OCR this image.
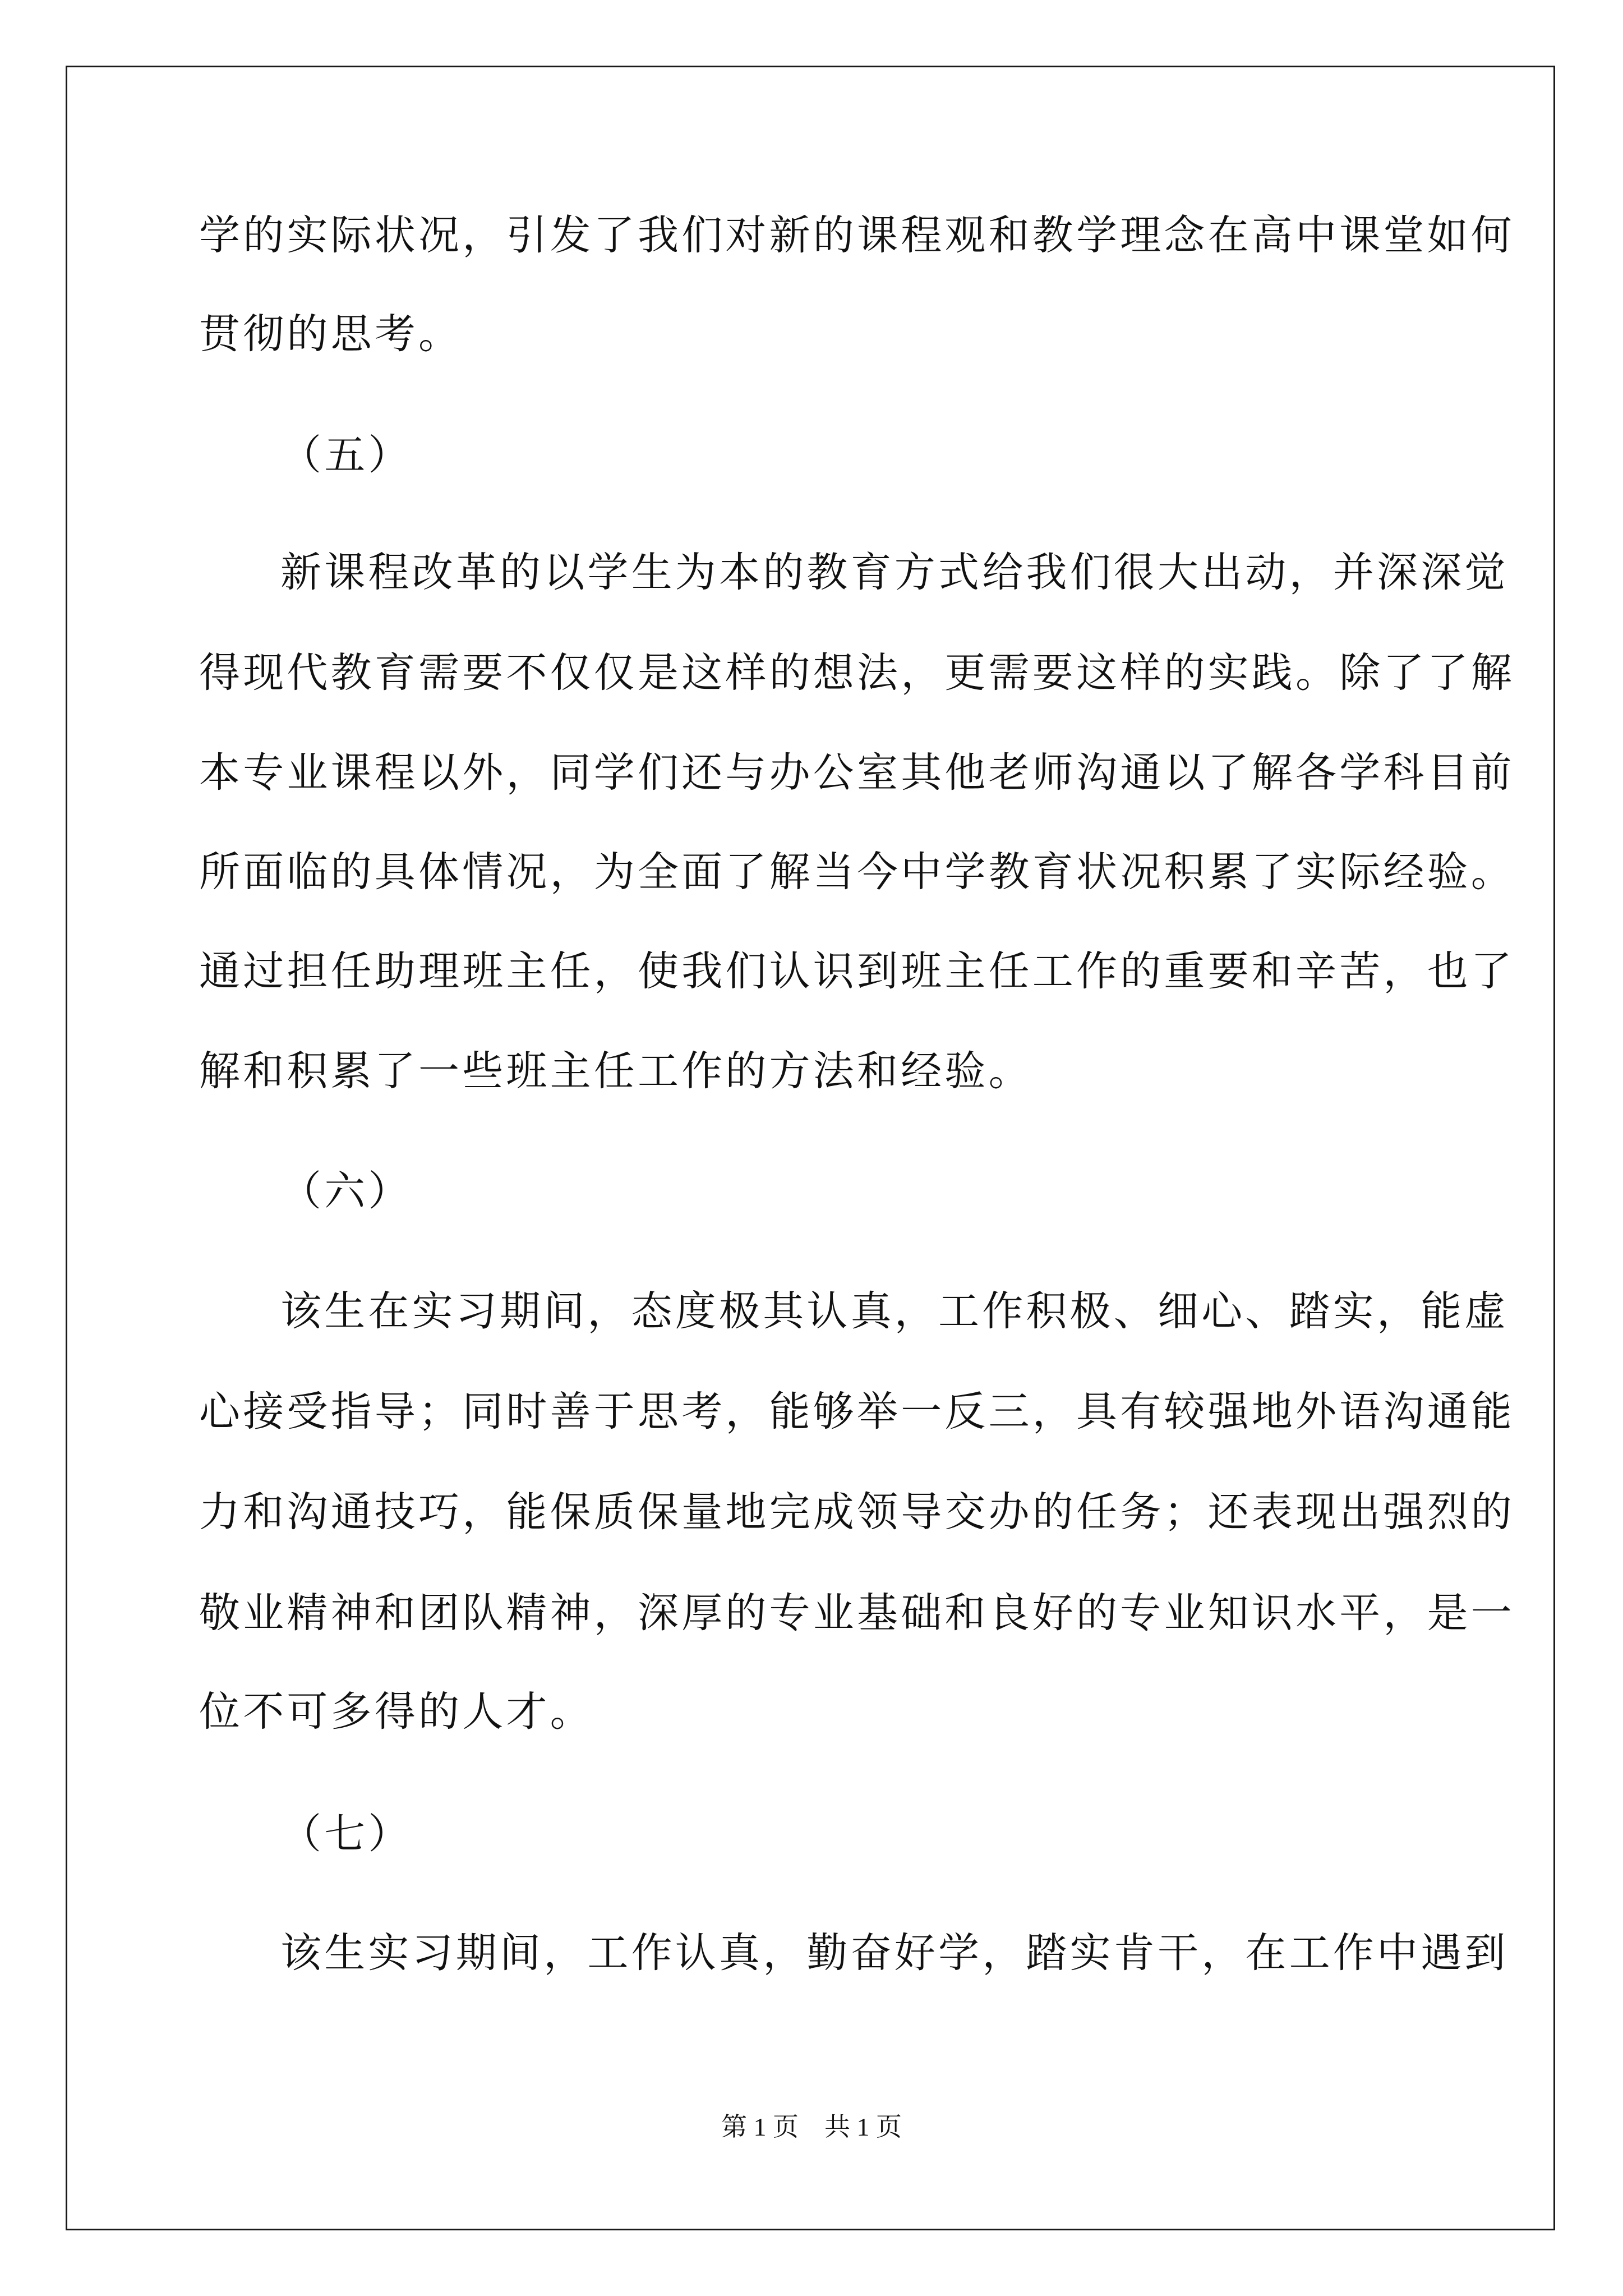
学的实际状况，引发了我们对新的课程观和教学理念在高中课堂如何
贯彻的思考。
（五）
新课程改革的以学生为本的教育方式给我们很大出动，并深深觉
得现代教育需要不仅仅是这样的想法，更需要这样的实践。除了了解
本专业课程以外，同学们还与办公室其他老师沟通以了解各学科目前
所面临的具体情况，为全面了解当今中学教育状况积累了实际经验。
通过担任助理班主任，使我们认识到班主任工作的重要和辛苦，也了
解和积累了一些班主任工作的方法和经验。
（六）
该生在实习期间，态度极其认真，工作积极、细心、踏实，能虚
心接受指导；同时善于思考，能够举一反三，具有较强地外语沟通能
力和沟通技巧，能保质保量地完成领导交办的任务；还表现出强烈的
敬业精神和团队精神，深厚的专业基础和良好的专业知识水平，是一
位不可多得的人才。
（七）
该生实习期间，工作认真，勤奋好学，踏实肯干，在工作中遇到
第 1 页    共 1 页
